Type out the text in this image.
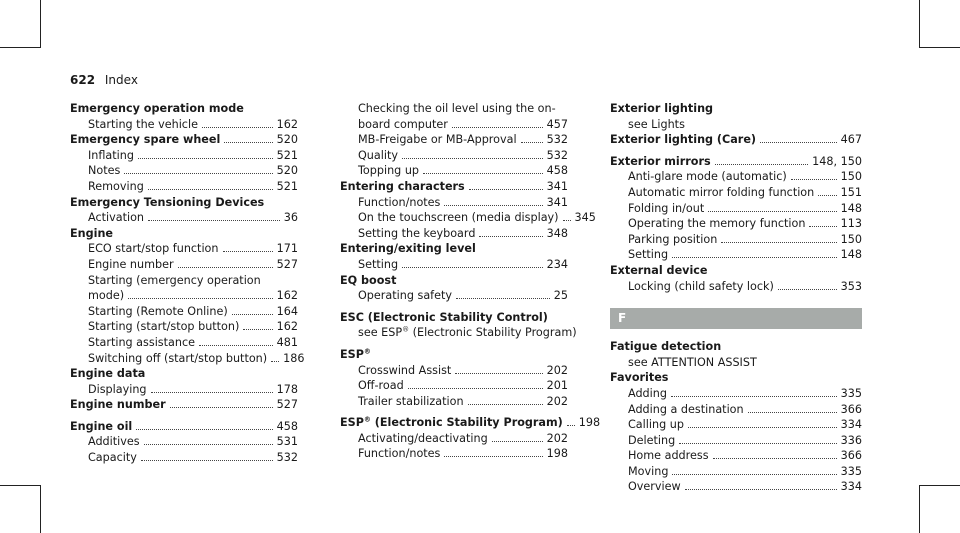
622 Index
Emergency operation mode
Starting the vehicle	162
Emergency spare wheel	520
Inflating	521
Notes	520
Removing	521
Emergency Tensioning Devices
Activation	36
Engine
ECO start/stop function	171
Engine number	527
Starting (emergency operation
mode)	162
Starting (Remote Online)	164
Starting (start/stop button)	162
Starting assistance	481
Switching off (start/stop button) 186
Engine data
Displaying	178
Engine number	527
Engine oil	458
Additives	531
Capacity	532
Checking the oil level using the on-
board computer	457
MB-Freigabe or MB-Approval	532
Quality	532
Topping up	458
Entering characters	341
Function/notes	341
On the touchscreen (media display) 345
Setting the keyboard	348
Entering/exiting level
Setting	234
EQ boost
Operating safety	25
ESC (Electronic Stability Control)
see ESP® (Electronic Stability Program)
ESP®
Crosswind Assist	202
Off-road	201
Trailer stabilization	202
ESP® (Electronic Stability Program) 198
Activating/deactivating	202
Function/notes	198
Exterior lighting
see Lights
Exterior lighting (Care)	467
Exterior mirrors	148, 150
Anti-glare mode (automatic)	150
Automatic mirror folding function 151
Folding in/out	148
Operating the memory function	113
Parking position	150
Setting	148
External device
Locking (child safety lock)	353
F
Fatigue detection
see ATTENTION ASSIST
Favorites
Adding	335
Adding a destination	366
Calling up	334
Deleting	336
Home address	366
Moving	335
Overview	334
